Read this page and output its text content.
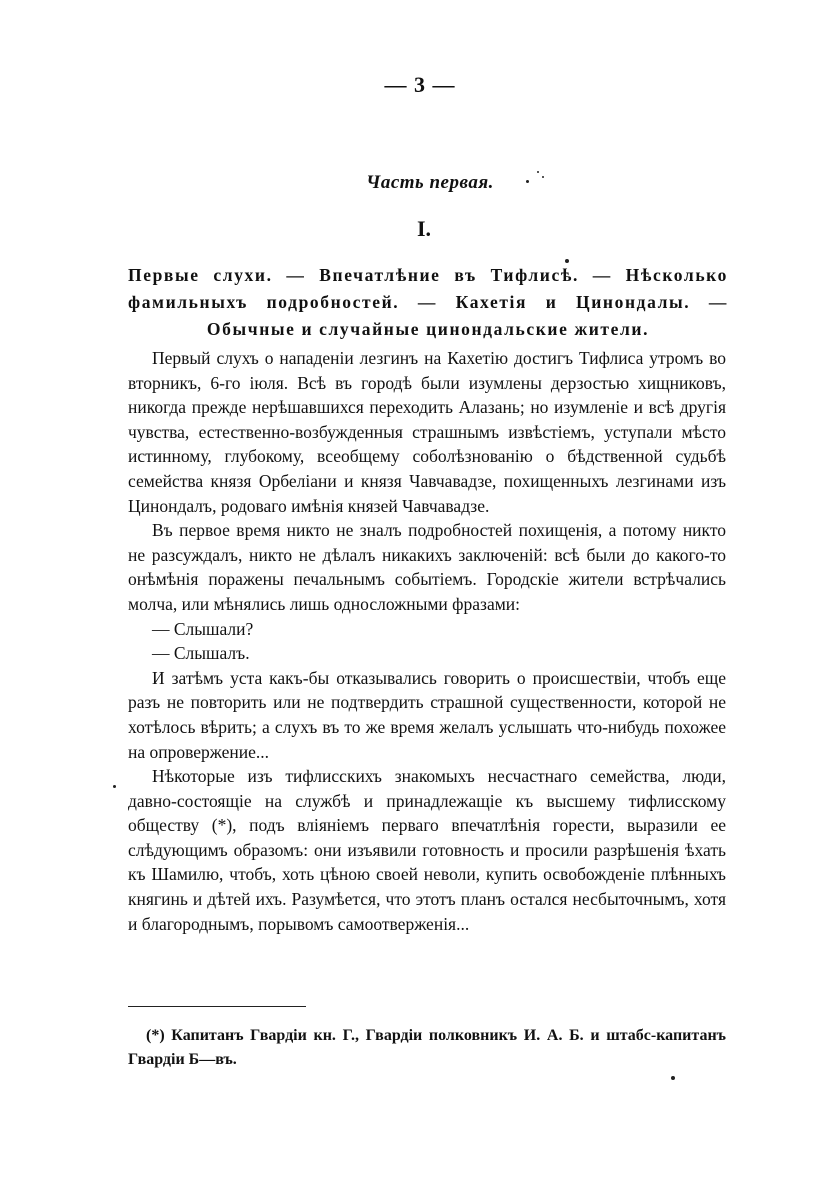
— 3 —
Часть первая.
I.
Первые слухи. — Впечатлѣние въ Тифлисѣ. — Нѣсколько фамильныхъ подробностей. — Кахетія и Цинондалы. — Обычные и случайные цинондальские жители.

Первый слухъ о нападеніи лезгинъ на Кахетію достигъ Тифлиса утромъ во вторникъ, 6-го іюля. Всѣ въ городѣ были изумлены дерзостью хищниковъ, никогда прежде нерѣшавшихся переходить Алазань; но изумленіе и всѣ другія чувства, естественно-возбужденныя страшнымъ извѣстіемъ, уступали мѣсто истинному, глубокому, всеобщему соболѣзнованію о бѣдственной судьбѣ семейства князя Орбеліани и князя Чавчавадзе, похищенныхъ лезгинами изъ Цинондалъ, родоваго имѣнія князей Чавчавадзе.

Въ первое время никто не зналъ подробностей похищенія, а потому никто не разсуждалъ, никто не дѣлалъ никакихъ заключеній: всѣ были до какого-то онѣмѣнія поражены печальнымъ событіемъ. Городскіе жители встрѣчались молча, или мѣнялись лишь односложными фразами:

— Слышали?

— Слышалъ.

И затѣмъ уста какъ-бы отказывались говорить о происшествіи, чтобъ еще разъ не повторить или не подтвердить страшной существенности, которой не хотѣлось вѣрить; а слухъ въ то же время желалъ услышать что-нибудь похожее на опровержение...

Нѣкоторые изъ тифлисскихъ знакомыхъ несчастнаго семейства, люди, давно-состоящіе на службѣ и принадлежащіе къ высшему тифлисскому обществу (*), подъ вліяніемъ перваго впечатлѣнія горести, выразили ее слѣдующимъ образомъ: они изъявили готовность и просили разрѣшенія ѣхать къ Шамилю, чтобъ, хоть цѣною своей неволи, купить освобожденіе плѣнныхъ княгинь и дѣтей ихъ. Разумѣется, что этотъ планъ остался несбыточнымъ, хотя и благороднымъ, порывомъ самоотверженія...

(*) Капитанъ Гвардіи кн. Г., Гвардіи полковникъ И. А. Б. и штабс-капитанъ Гвардіи Б—въ.
